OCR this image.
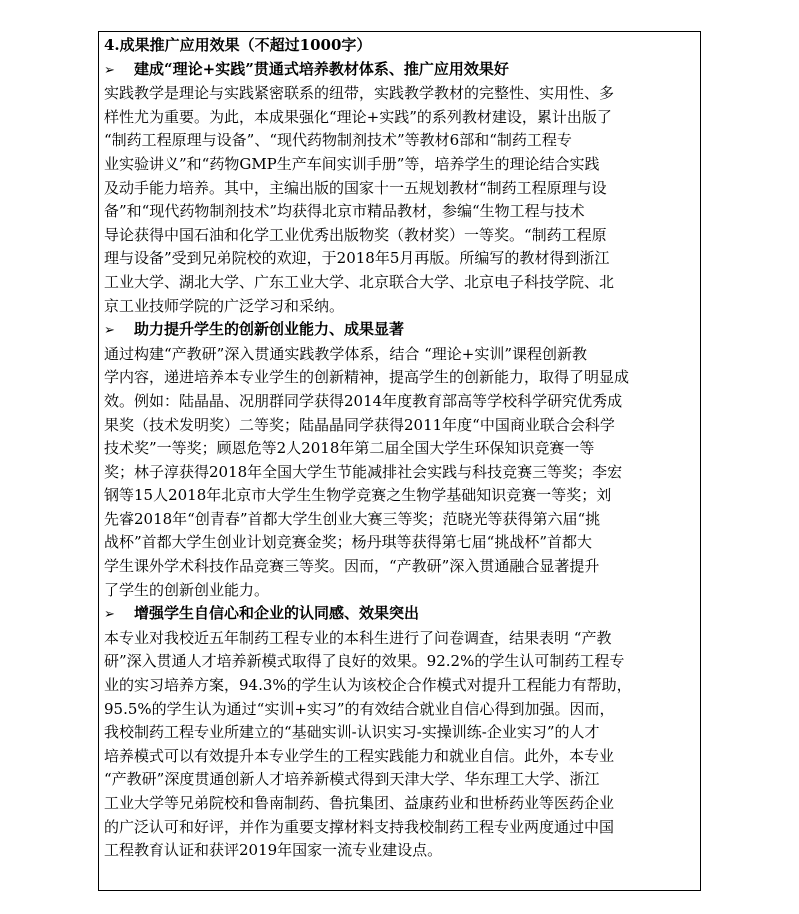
4.成果推广应用效果（不超过1000字）

➢ 建成“理论+实践”贯通式培养教材体系、推广应用效果好

实践教学是理论与实践紧密联系的纽带，实践教学教材的完整性、实用性、多

样性尤为重要。为此，本成果强化“理论+实践”的系列教材建设，累计出版了

“制药工程原理与设备”、“现代药物制剂技术”等教材6部和“制药工程专

业实验讲义”和“药物GMP生产车间实训手册”等，培养学生的理论结合实践

及动手能力培养。其中，主编出版的国家十一五规划教材“制药工程原理与设

备”和“现代药物制剂技术”均获得北京市精品教材，参编“生物工程与技术

导论获得中国石油和化学工业优秀出版物奖（教材奖）一等奖。“制药工程原

理与设备”受到兄弟院校的欢迎，于2018年5月再版。所编写的教材得到浙江

工业大学、湖北大学、广东工业大学、北京联合大学、北京电子科技学院、北

京工业技师学院的广泛学习和采纳。

➢ 助力提升学生的创新创业能力、成果显著

通过构建“产教研”深入贯通实践教学体系，结合 “理论+实训”课程创新教

学内容，递进培养本专业学生的创新精神，提高学生的创新能力，取得了明显成

效。例如：陆晶晶、况朋群同学获得2014年度教育部高等学校科学研究优秀成

果奖（技术发明奖）二等奖；陆晶晶同学获得2011年度“中国商业联合会科学

技术奖”一等奖；顾恩危等2人2018年第二届全国大学生环保知识竞赛一等

奖；林子淳获得2018年全国大学生节能减排社会实践与科技竞赛三等奖；李宏

钢等15人2018年北京市大学生生物学竞赛之生物学基础知识竞赛一等奖；刘

先睿2018年“创青春”首都大学生创业大赛三等奖；范晓光等获得第六届“挑

战杯”首都大学生创业计划竞赛金奖；杨丹琪等获得第七届“挑战杯”首都大

学生课外学术科技作品竞赛三等奖。因而，“产教研”深入贯通融合显著提升

了学生的创新创业能力。

➢ 增强学生自信心和企业的认同感、效果突出

本专业对我校近五年制药工程专业的本科生进行了问卷调查，结果表明 “产教

研”深入贯通人才培养新模式取得了良好的效果。92.2%的学生认可制药工程专

业的实习培养方案，94.3%的学生认为该校企合作模式对提升工程能力有帮助，

95.5%的学生认为通过“实训+实习”的有效结合就业自信心得到加强。因而，

我校制药工程专业所建立的“基础实训-认识实习-实操训练-企业实习”的人才

培养模式可以有效提升本专业学生的工程实践能力和就业自信。此外，本专业

“产教研”深度贯通创新人才培养新模式得到天津大学、华东理工大学、浙江

工业大学等兄弟院校和鲁南制药、鲁抗集团、益康药业和世桥药业等医药企业

的广泛认可和好评，并作为重要支撑材料支持我校制药工程专业两度通过中国

工程教育认证和获评2019年国家一流专业建设点。
